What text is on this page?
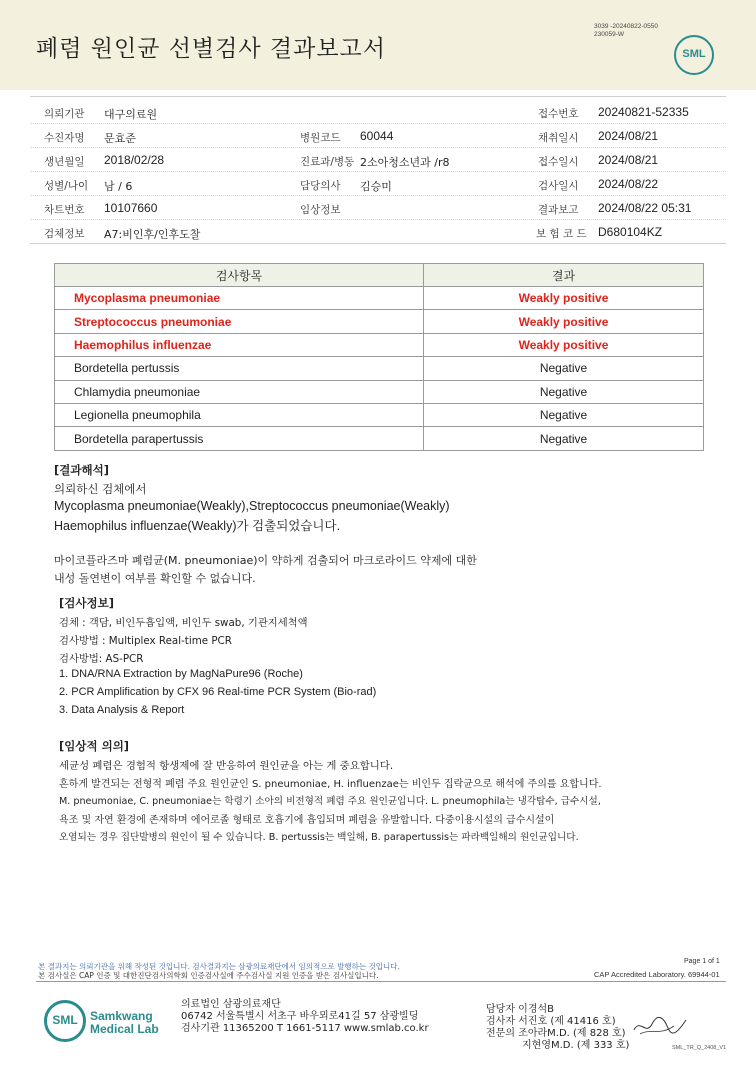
폐렴 원인균 선별검사 결과보고서
3039 -20240822-0550
230059-W
SML
의뢰기관 대구의료원	접수번호 20240821-52335
수진자명 문효준	병원코드 60044	채취일시 2024/08/21
생년월일 2018/02/28	진료과/병동 2소아청소년과 /r8	접수일시 2024/08/21
성별/나이 남 / 6	담당의사 김승미	검사일시 2024/08/22
차트번호 10107660	임상정보	결과보고 2024/08/22 05:31
검체정보 A7:비인후/인후도찰	보 험 코 드 D680104KZ
검사항목	결과
Mycoplasma pneumoniae	Weakly positive
Streptococcus pneumoniae	Weakly positive
Haemophilus influenzae	Weakly positive
Bordetella pertussis	Negative
Chlamydia pneumoniae	Negative
Legionella pneumophila	Negative
Bordetella parapertussis	Negative
[결과해석]
의뢰하신 검체에서
Mycoplasma pneumoniae(Weakly),Streptococcus pneumoniae(Weakly)
Haemophilus influenzae(Weakly)가 검출되었습니다.
마이코플라즈마 폐렴균(M. pneumoniae)이 약하게 검출되어 마크로라이드 약제에 대한
내성 돌연변이 여부를 확인할 수 없습니다.
[검사정보]
검체 : 객담, 비인두흡입액, 비인두 swab, 기관지세척액
검사방법 : Multiplex Real-time PCR
검사방법: AS-PCR
1. DNA/RNA Extraction by MagNaPure96 (Roche)
2. PCR Amplification by CFX 96 Real-time PCR System (Bio-rad)
3. Data Analysis & Report
[임상적 의의]
세균성 폐렴은 경험적 항생제에 잘 반응하여 원인균을 아는 게 중요합니다.
흔하게 발견되는 전형적 폐렴 주요 원인균인 S. pneumoniae, H. influenzae는 비인두 집락균으로 해석에 주의를 요합니다.
M. pneumoniae, C. pneumoniae는 학령기 소아의 비전형적 폐렴 주요 원인균입니다. L. pneumophila는 냉각탑수, 급수시설,
욕조 및 자연 환경에 존재하며 에어로졸 형태로 호흡기에 흡입되며 폐렴을 유발합니다. 다중이용시설의 급수시설이
오염되는 경우 집단발병의 원인이 될 수 있습니다. B. pertussis는 백일해, B. parapertussis는 파라백일해의 원인균입니다.
Page 1 of 1
본 결과지는 의뢰기관을 위해 작성된 것입니다. 검사결과지는 삼광의료재단에서 임의적으로 발행하는 것입니다.
본 검사실은 CAP 인증 및 대한진단검사의학회 인증검사실에 주수검사실 지원 인증을 받은 검사실입니다.	CAP Accredited Laboratory. 69944-01
SML	Samkwang
Medical Lab
의료법인 삼광의료재단
06742 서울특별시 서초구 바우뫼로41길 57 삼광빌딩
검사기관 11365200 T 1661-5117 www.smlab.co.kr
담당자 이경석B
검사자 서진호 (제 41416 호)
전문의 조아라M.D. (제 828 호)
지현영M.D. (제 333 호)	SML_TR_Q_2408_V1
